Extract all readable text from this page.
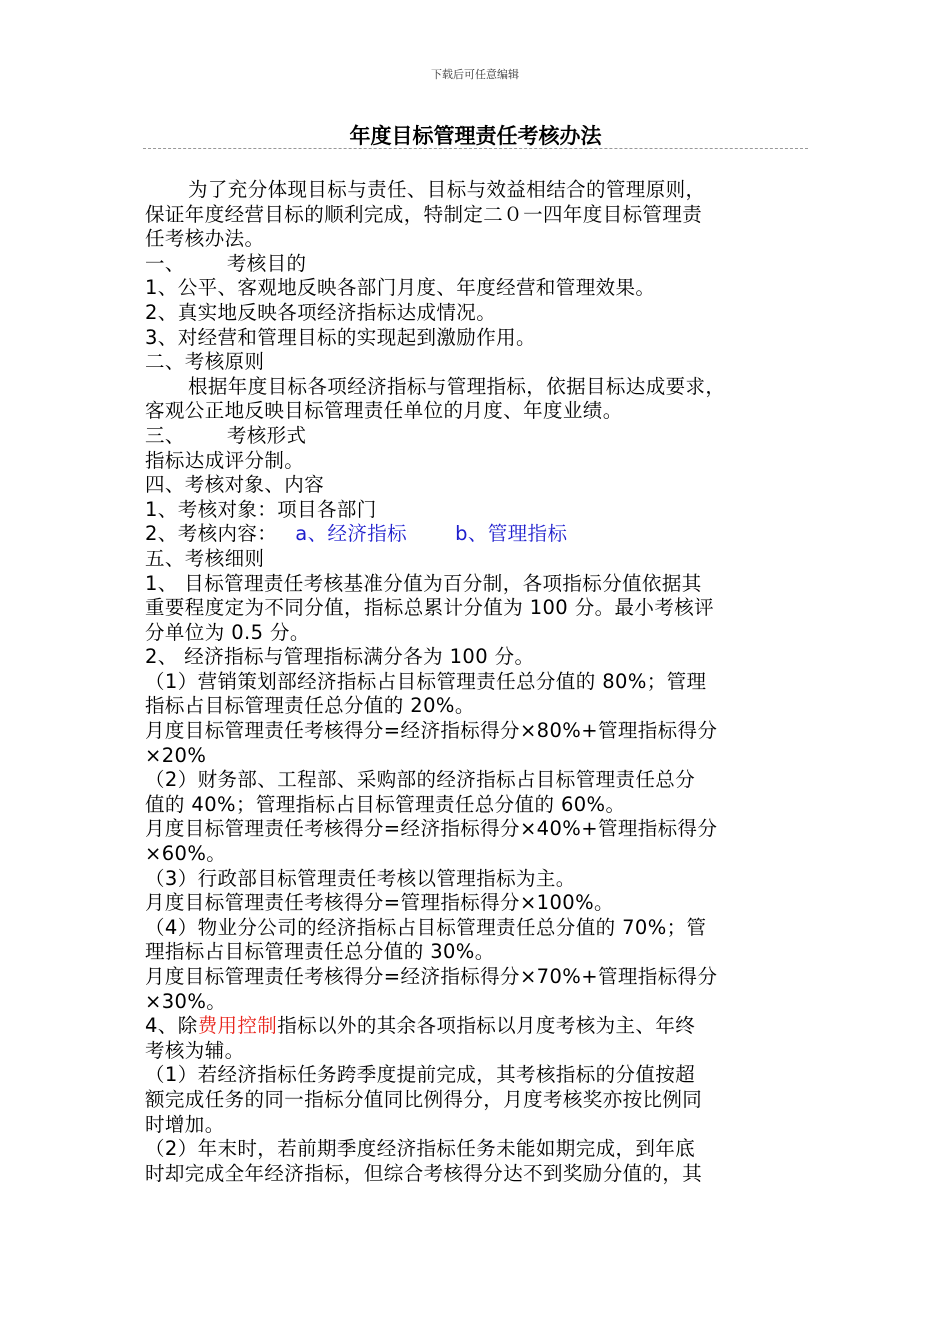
下载后可任意编辑
年度目标管理责任考核办法

为了充分体现目标与责任、目标与效益相结合的管理原则，

保证年度经营目标的顺利完成，特制定二０一四年度目标管理责

任考核办法。

一、 考核目的

1、公平、客观地反映各部门月度、年度经营和管理效果。

2、真实地反映各项经济指标达成情况。

3、对经营和管理目标的实现起到激励作用。

二、考核原则

根据年度目标各项经济指标与管理指标，依据目标达成要求，

客观公正地反映目标管理责任单位的月度、年度业绩。

三、 考核形式

指标达成评分制。

四、考核对象、内容

1、考核对象：项目各部门

2、考核内容： a、经济指标 b、管理指标

五、考核细则

1、 目标管理责任考核基准分值为百分制，各项指标分值依据其

重要程度定为不同分值，指标总累计分值为 100 分。最小考核评

分单位为 0.5 分。

2、 经济指标与管理指标满分各为 100 分。

（1）营销策划部经济指标占目标管理责任总分值的 80%；管理

指标占目标管理责任总分值的 20%。

月度目标管理责任考核得分=经济指标得分×80%+管理指标得分

×20%

（2）财务部、工程部、采购部的经济指标占目标管理责任总分

值的 40%；管理指标占目标管理责任总分值的 60%。

月度目标管理责任考核得分=经济指标得分×40%+管理指标得分

×60%。

（3）行政部目标管理责任考核以管理指标为主。

月度目标管理责任考核得分=管理指标得分×100%。

（4）物业分公司的经济指标占目标管理责任总分值的 70%；管

理指标占目标管理责任总分值的 30%。

月度目标管理责任考核得分=经济指标得分×70%+管理指标得分

×30%。

4、除费用控制指标以外的其余各项指标以月度考核为主、年终

考核为辅。

（1）若经济指标任务跨季度提前完成，其考核指标的分值按超

额完成任务的同一指标分值同比例得分，月度考核奖亦按比例同

时增加。

（2）年末时，若前期季度经济指标任务未能如期完成，到年底

时却完成全年经济指标，但综合考核得分达不到奖励分值的，其
